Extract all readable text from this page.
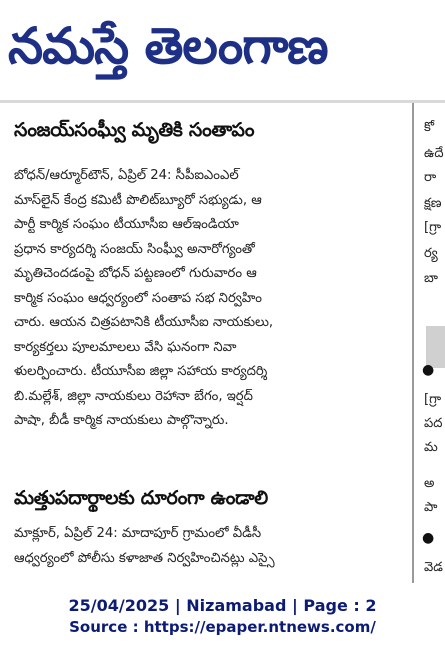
నమస్తే తెలంగాణ
సంజయ్‌సంఘ్వీ మృతికి సంతాపం
బోధన్/ఆర్మూర్‌టౌన్, ఏప్రిల్ 24: సీపీఐఎంఎల్
మాస్‌లైన్ కేంద్ర కమిటీ పొలిట్‌బ్యూరో సభ్యుడు, ఆ
పార్టీ కార్మిక సంఘం టీయూసీఐ ఆల్‌ఇండియా
ప్రధాన కార్యదర్శి సంజయ్ సింఘ్వీ అనారోగ్యంతో
మృతిచెందడంపై బోధన్ పట్టణంలో గురువారం ఆ
కార్మిక సంఘం ఆధ్వర్యంలో సంతాప సభ నిర్వహిం
చారు. ఆయన చిత్రపటానికి టీయూసీఐ నాయకులు,
కార్యకర్తలు పూలమాలలు వేసి ఘనంగా నివా
ళులర్పించారు. టీయూసీఐ జిల్లా సహాయ కార్యదర్శి
బి.మల్లేశ్, జిల్లా నాయకులు రెహానా బేగం, ఇర్షద్
పాషా, బీడీ కార్మిక నాయకులు పాల్గొన్నారు.
మత్తుపదార్థాలకు దూరంగా ఉండాలి
మాక్లూర్, ఏప్రిల్ 24: మాదాపూర్ గ్రామంలో వీడీసీ
ఆధ్వర్యంలో పోలీసు కళాజాత నిర్వహించినట్లు ఎస్సై
కో
ఉదే
రా
క్షణ
[గ్రా
ర్య
బా
●
[గ్రా
పద
మ
అ
పా
●
వెడ
25/04/2025 | Nizamabad | Page : 2
Source : https://epaper.ntnews.com/
